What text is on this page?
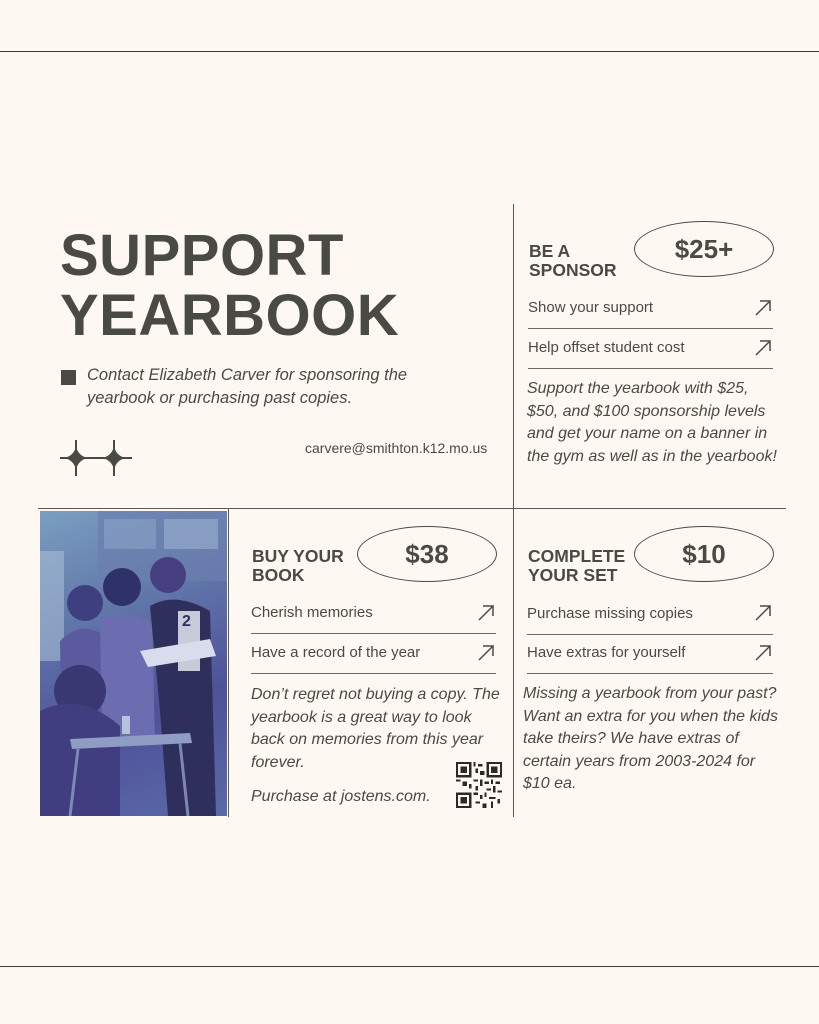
SUPPORT
YEARBOOK
Contact Elizabeth Carver for sponsoring the yearbook or purchasing past copies.
carvere@smithton.k12.mo.us
BE A
SPONSOR
$25+
Show your support
Help offset student cost
Support the yearbook with $25, $50, and $100 sponsorship levels and get your name on a banner in the gym as well as in the yearbook!
2
BUY YOUR
BOOK
$38
Cherish memories
Have a record of the year
Don’t regret not buying a copy. The yearbook is a great way to look back on memories from this year forever.
Purchase at jostens.com.
COMPLETE
YOUR SET
$10
Purchase missing copies
Have extras for yourself
Missing a yearbook from your past? Want an extra for you when the kids take theirs? We have extras of certain years from 2003-2024 for $10 ea.
